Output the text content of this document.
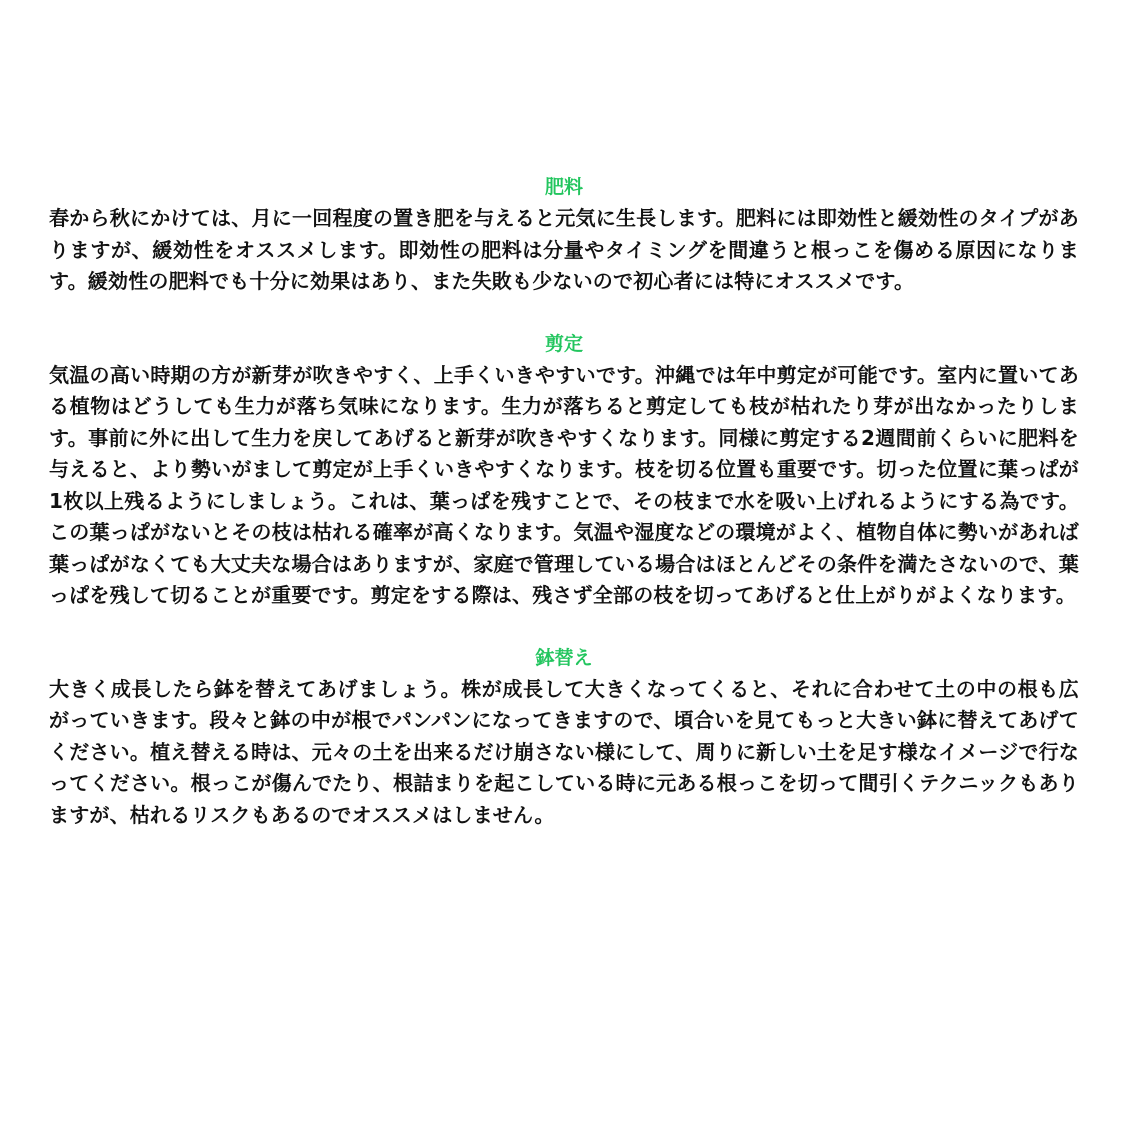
肥料

春から秋にかけては、月に一回程度の置き肥を与えると元気に生長します。肥料には即効性と緩効性のタイプがありますが、緩効性をオススメします。即効性の肥料は分量やタイミングを間違うと根っこを傷める原因になります。緩効性の肥料でも十分に効果はあり、また失敗も少ないので初心者には特にオススメです。

剪定

気温の高い時期の方が新芽が吹きやすく、上手くいきやすいです。沖縄では年中剪定が可能です。室内に置いてある植物はどうしても生力が落ち気味になります。生力が落ちると剪定しても枝が枯れたり芽が出なかったりします。事前に外に出して生力を戻してあげると新芽が吹きやすくなります。同様に剪定する2週間前くらいに肥料を与えると、より勢いがまして剪定が上手くいきやすくなります。枝を切る位置も重要です。切った位置に葉っぱが1枚以上残るようにしましょう。これは、葉っぱを残すことで、その枝まで水を吸い上げれるようにする為です。この葉っぱがないとその枝は枯れる確率が高くなります。気温や湿度などの環境がよく、植物自体に勢いがあれば葉っぱがなくても大丈夫な場合はありますが、家庭で管理している場合はほとんどその条件を満たさないので、葉っぱを残して切ることが重要です。剪定をする際は、残さず全部の枝を切ってあげると仕上がりがよくなります。

鉢替え

大きく成長したら鉢を替えてあげましょう。株が成長して大きくなってくると、それに合わせて土の中の根も広がっていきます。段々と鉢の中が根でパンパンになってきますので、頃合いを見てもっと大きい鉢に替えてあげてください。植え替える時は、元々の土を出来るだけ崩さない様にして、周りに新しい土を足す様なイメージで行なってください。根っこが傷んでたり、根詰まりを起こしている時に元ある根っこを切って間引くテクニックもありますが、枯れるリスクもあるのでオススメはしません。
